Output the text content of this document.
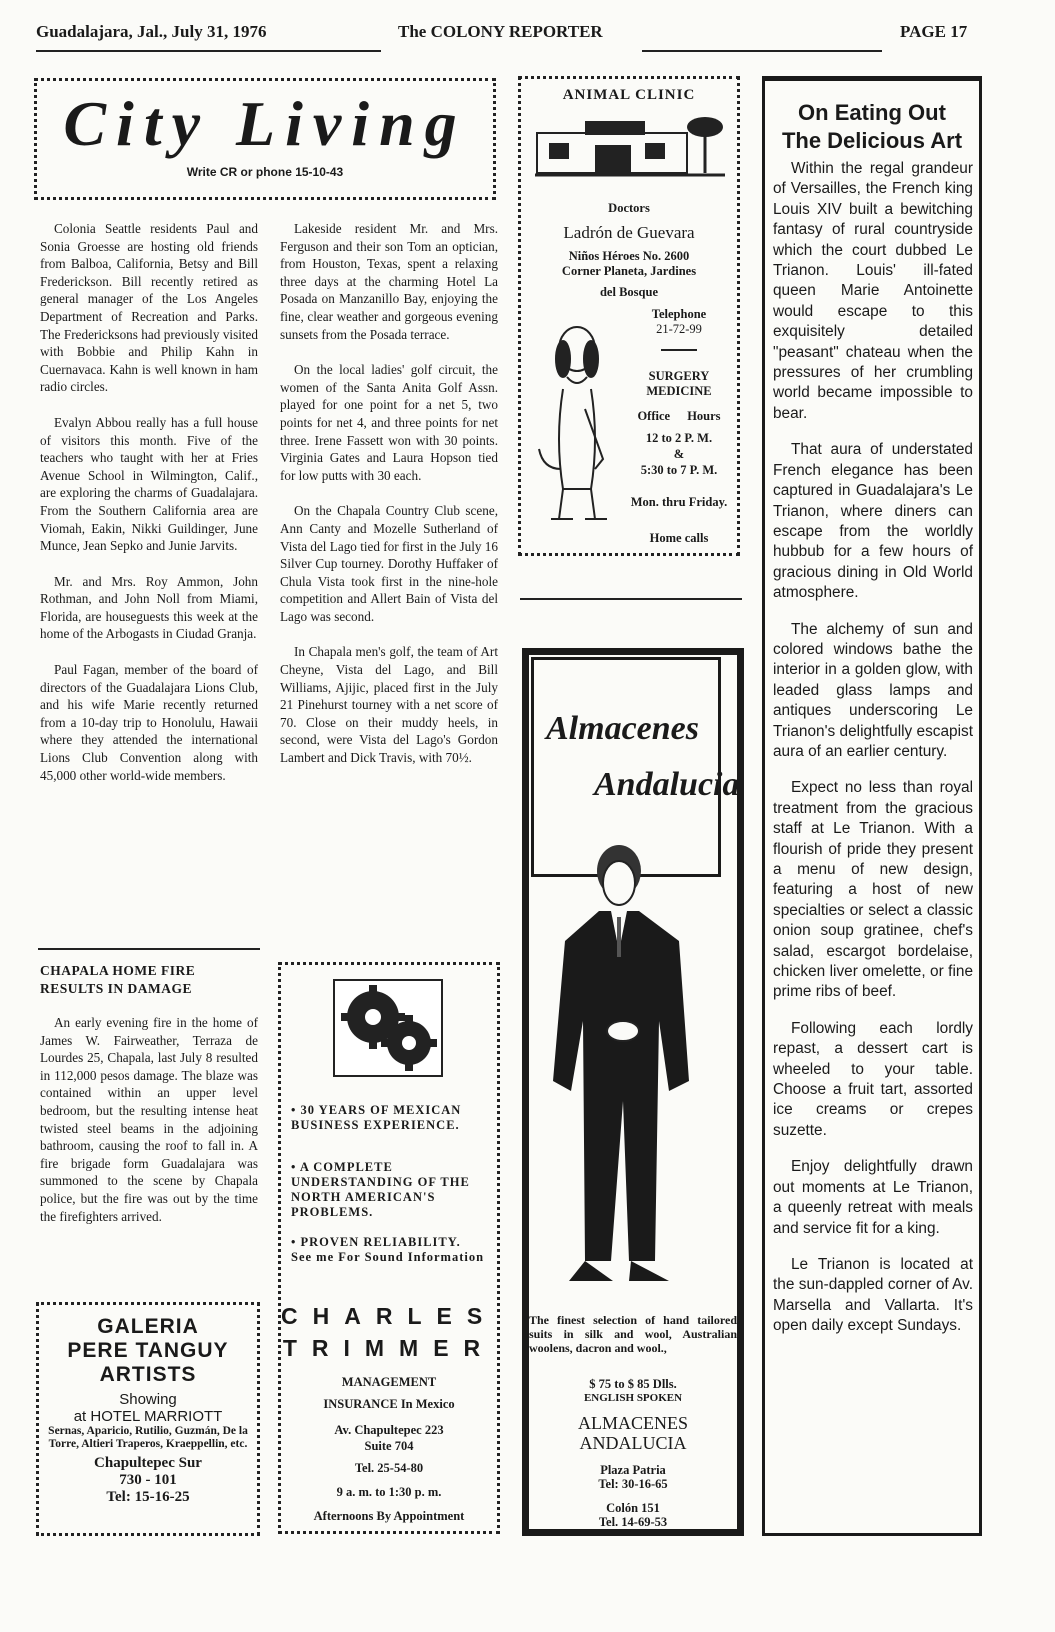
Guadalajara, Jal., July 31, 1976	The COLONY REPORTER	PAGE 17
City Living
Write CR or phone 15-10-43

Colonia Seattle residents Paul and Sonia Groesse are hosting old friends from Balboa, California, Betsy and Bill Frederickson. Bill recently retired as general manager of the Los Angeles Department of Recreation and Parks. The Fredericksons had previously visited with Bobbie and Philip Kahn in Cuernavaca. Kahn is well known in ham radio circles.

Evalyn Abbou really has a full house of visitors this month. Five of the teachers who taught with her at Fries Avenue School in Wilmington, Calif., are exploring the charms of Guadalajara. From the Southern California area are Viomah, Eakin, Nikki Guildinger, June Munce, Jean Sepko and Junie Jarvits.

Mr. and Mrs. Roy Ammon, John Rothman, and John Noll from Miami, Florida, are houseguests this week at the home of the Arbogasts in Ciudad Granja.

Paul Fagan, member of the board of directors of the Guadalajara Lions Club, and his wife Marie recently returned from a 10-day trip to Honolulu, Hawaii where they attended the international Lions Club Convention along with 45,000 other world-wide members.

Lakeside resident Mr. and Mrs. Ferguson and their son Tom an optician, from Houston, Texas, spent a relaxing three days at the charming Hotel La Posada on Manzanillo Bay, enjoying the fine, clear weather and gorgeous evening sunsets from the Posada terrace.

On the local ladies' golf circuit, the women of the Santa Anita Golf Assn. played for one point for a net 5, two points for net 4, and three points for net three. Irene Fassett won with 30 points. Virginia Gates and Laura Hopson tied for low putts with 30 each.

On the Chapala Country Club scene, Ann Canty and Mozelle Sutherland of Vista del Lago tied for first in the July 16 Silver Cup tourney. Dorothy Huffaker of Chula Vista took first in the nine-hole competition and Allert Bain of Vista del Lago was second.

In Chapala men's golf, the team of Art Cheyne, Vista del Lago, and Bill Williams, Ajijic, placed first in the July 21 Pinehurst tourney with a net score of 70. Close on their muddy heels, in second, were Vista del Lago's Gordon Lambert and Dick Travis, with 70½.

CHAPALA HOME FIRE RESULTS IN DAMAGE

An early evening fire in the home of James W. Fairweather, Terraza de Lourdes 25, Chapala, last July 8 resulted in 112,000 pesos damage. The blaze was contained within an upper level bedroom, but the resulting intense heat twisted steel beams in the adjoining bathroom, causing the roof to fall in. A fire brigade form Guadalajara was summoned to the scene by Chapala police, but the fire was out by the time the firefighters arrived.

GALERIA
PERE TANGUY
ARTISTS
Showing
at HOTEL MARRIOTT
Sernas, Aparicio, Rutilio, Guzmán, De la Torre, Altieri Traperos, Kraeppellin, etc.
Chapultepec Sur
730 - 101
Tel: 15-16-25
• 30 YEARS OF MEXICAN BUSINESS EXPERIENCE.
• A COMPLETE UNDERSTANDING OF THE NORTH AMERICAN'S PROBLEMS.
• PROVEN RELIABILITY.
See me For Sound Information
CHARLES
TRIMMER
MANAGEMENT
INSURANCE In Mexico
Av. Chapultepec 223
Suite 704
Tel. 25-54-80
9 a. m. to 1:30 p. m.
Afternoons By Appointment
ANIMAL CLINIC
Doctors
Ladrón de Guevara
Niños Héroes No. 2600
Corner Planeta, Jardines
del Bosque
Telephone
21-72-99
SURGERY MEDICINE
Office Hours
12 to 2 P. M.
&
5:30 to 7 P. M.
Mon. thru Friday.
Home calls
Almacenes
Andalucia
The finest selection of hand tailored suits in silk and wool, Australian woolens, dacron and wool.,
$ 75 to $ 85 Dlls.
ENGLISH SPOKEN
ALMACENES
ANDALUCIA
Plaza Patria
Tel: 30-16-65
Colón 151
Tel. 14-69-53
On Eating Out
The Delicious Art

Within the regal grandeur of Versailles, the French king Louis XIV built a bewitching fantasy of rural countryside which the court dubbed Le Trianon. Louis' ill-fated queen Marie Antoinette would escape to this exquisitely detailed "peasant" chateau when the pressures of her crumbling world became impossible to bear.

That aura of understated French elegance has been captured in Guadalajara's Le Trianon, where diners can escape from the worldly hubbub for a few hours of gracious dining in Old World atmosphere.

The alchemy of sun and colored windows bathe the interior in a golden glow, with leaded glass lamps and antiques underscoring Le Trianon's delightfully escapist aura of an earlier century.

Expect no less than royal treatment from the gracious staff at Le Trianon. With a flourish of pride they present a menu of new design, featuring a host of new specialties or select a classic onion soup gratinee, chef's salad, escargot bordelaise, chicken liver omelette, or fine prime ribs of beef.

Following each lordly repast, a dessert cart is wheeled to your table. Choose a fruit tart, assorted ice creams or crepes suzette.

Enjoy delightfully drawn out moments at Le Trianon, a queenly retreat with meals and service fit for a king.

Le Trianon is located at the sun-dappled corner of Av. Marsella and Vallarta. It's open daily except Sundays.
